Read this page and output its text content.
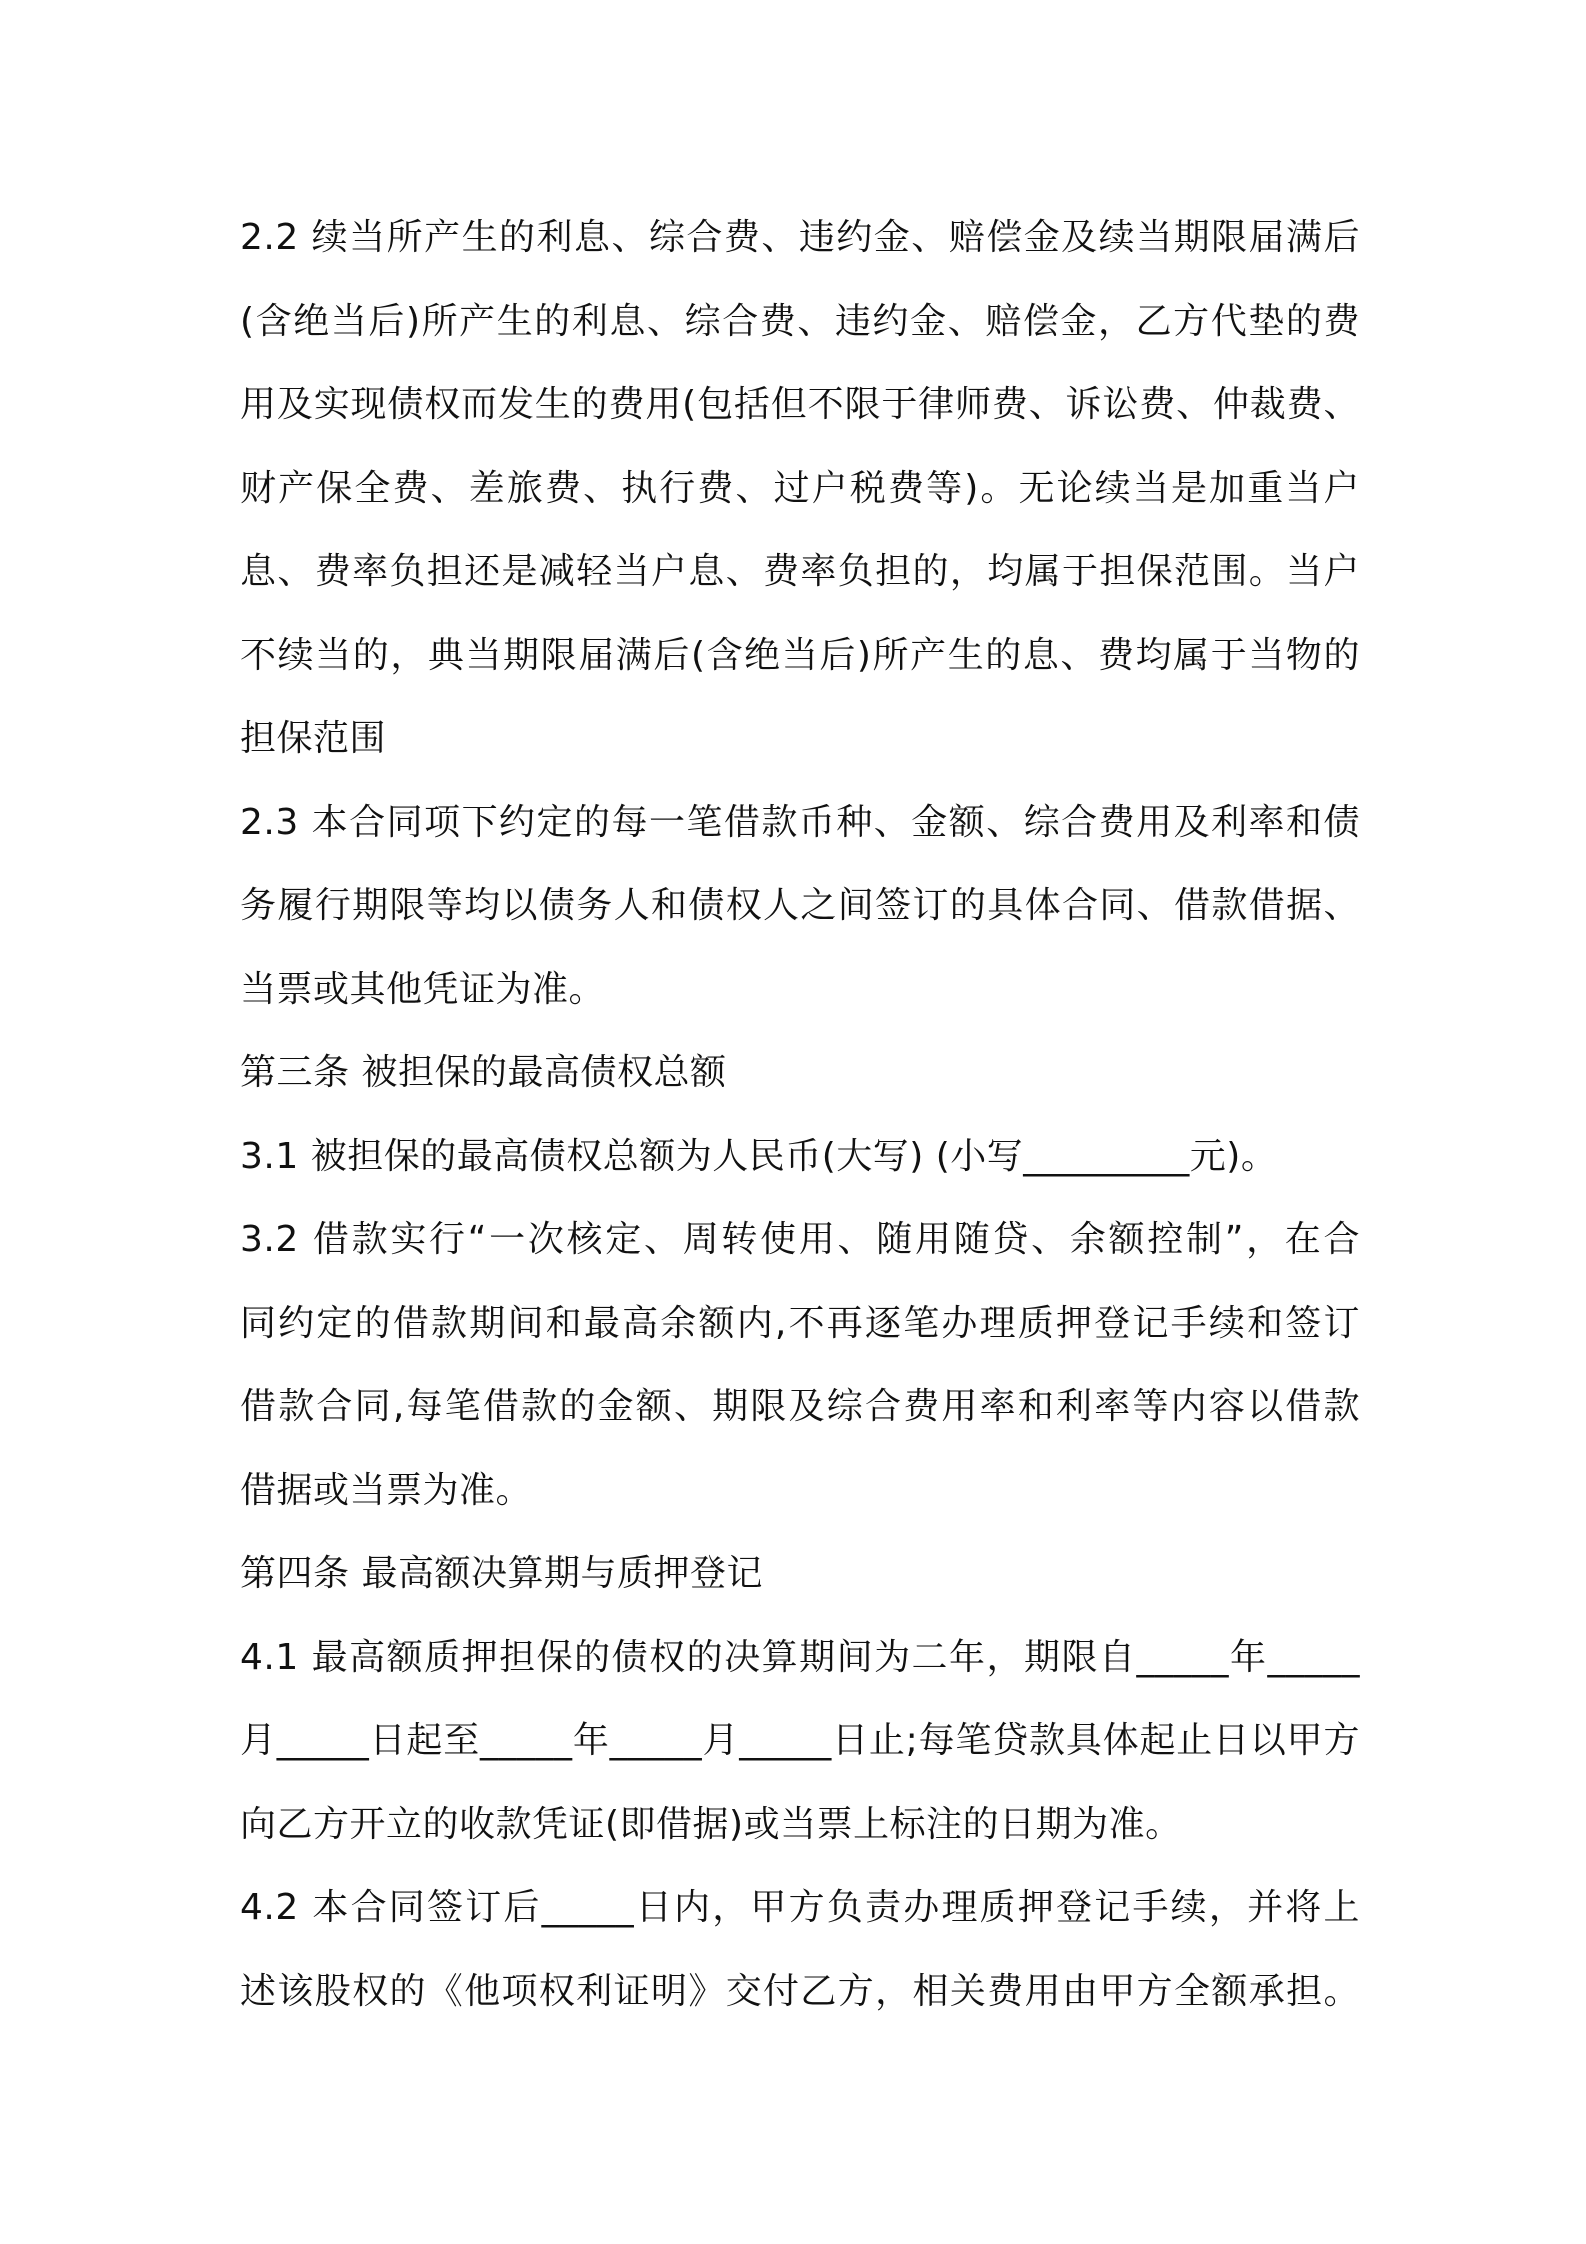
2.2 续当所产生的利息、综合费、违约金、赔偿金及续当期限届满后
(含绝当后)所产生的利息、综合费、违约金、赔偿金，乙方代垫的费
用及实现债权而发生的费用(包括但不限于律师费、诉讼费、仲裁费、
财产保全费、差旅费、执行费、过户税费等)。无论续当是加重当户
息、费率负担还是减轻当户息、费率负担的，均属于担保范围。当户
不续当的，典当期限届满后(含绝当后)所产生的息、费均属于当物的
担保范围
2.3 本合同项下约定的每一笔借款币种、金额、综合费用及利率和债
务履行期限等均以债务人和债权人之间签订的具体合同、借款借据、
当票或其他凭证为准。
第三条 被担保的最高债权总额
3.1 被担保的最高债权总额为人民币(大写) (小写_________元)。
3.2 借款实行“一次核定、周转使用、随用随贷、余额控制”，在合
同约定的借款期间和最高余额内,不再逐笔办理质押登记手续和签订
借款合同,每笔借款的金额、期限及综合费用率和利率等内容以借款
借据或当票为准。
第四条 最高额决算期与质押登记
4.1 最高额质押担保的债权的决算期间为二年，期限自_____年_____
月_____日起至_____年_____月_____日止;每笔贷款具体起止日以甲方
向乙方开立的收款凭证(即借据)或当票上标注的日期为准。
4.2 本合同签订后_____日内，甲方负责办理质押登记手续，并将上
述该股权的《他项权利证明》交付乙方，相关费用由甲方全额承担。
